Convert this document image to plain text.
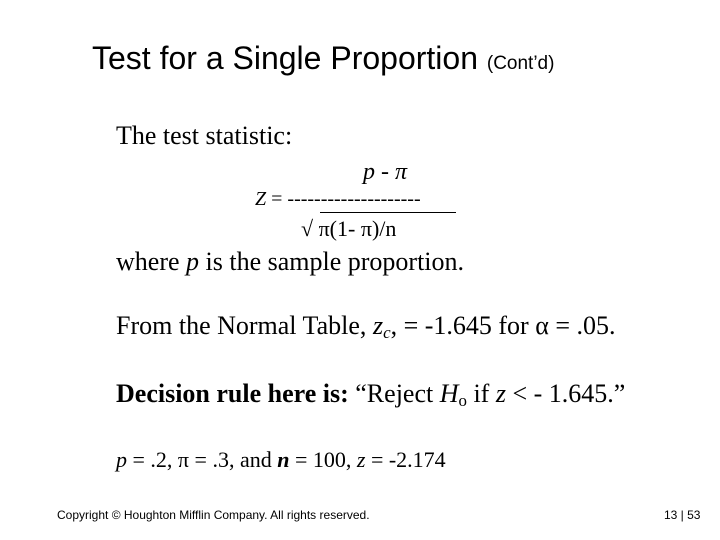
Test for a Single Proportion (Cont’d)
The test statistic:
p - π
Z = --------------------
√ π(1- π)/n
where p is the sample proportion.
From the Normal Table, $z_c$, = -1.645 for α = .05.
Decision rule here is: “Reject $H_o$ if z < - 1.645.”
p = .2, π = .3, and n = 100, z = -2.174
Copyright © Houghton Mifflin Company. All rights reserved.	13 | 53
